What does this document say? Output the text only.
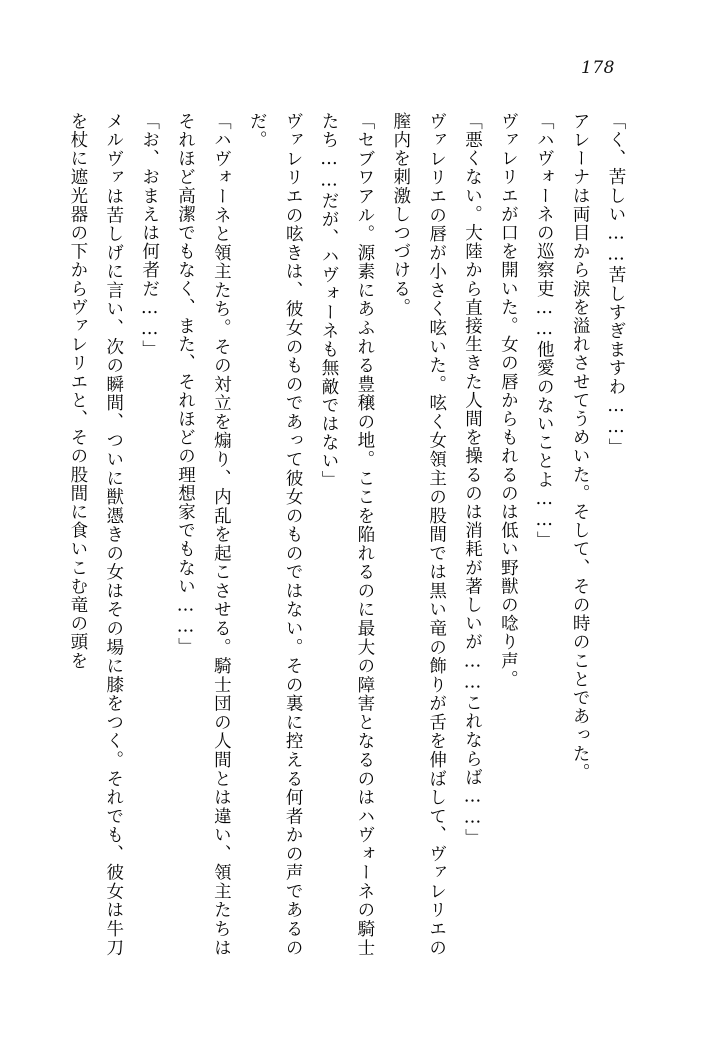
178

「く、苦しい……苦しすぎますわ……」

アレーナは両目から涙を溢れさせてうめいた。そして、その時のことであった。

「ハヴォーネの巡察吏……他愛のないことよ……」

ヴァレリエが口を開いた。女の唇からもれるのは低い野獣の唸り声。

「悪くない。大陸から直接生きた人間を操るのは消耗が著しいが……これならば……」

ヴァレリエの唇が小さく呟いた。呟く女領主の股間では黒い竜の飾りが舌を伸ばして、ヴァレリエの膣内を刺激しつづける。

「セブワアル。源素にあふれる豊穣の地。ここを陥れるのに最大の障害となるのはハヴォーネの騎士たち……だが、ハヴォーネも無敵ではない」

ヴァレリエの呟きは、彼女のものであって彼女のものではない。その裏に控える何者かの声であるのだ。

「ハヴォーネと領主たち。その対立を煽り、内乱を起こさせる。騎士団の人間とは違い、領主たちはそれほど高潔でもなく、また、それほどの理想家でもない……」

「お、おまえは何者だ……」

メルヴァは苦しげに言い、次の瞬間、ついに獣憑きの女はその場に膝をつく。それでも、彼女は牛刀を杖に遮光器の下からヴァレリエと、その股間に食いこむ竜の頭を
